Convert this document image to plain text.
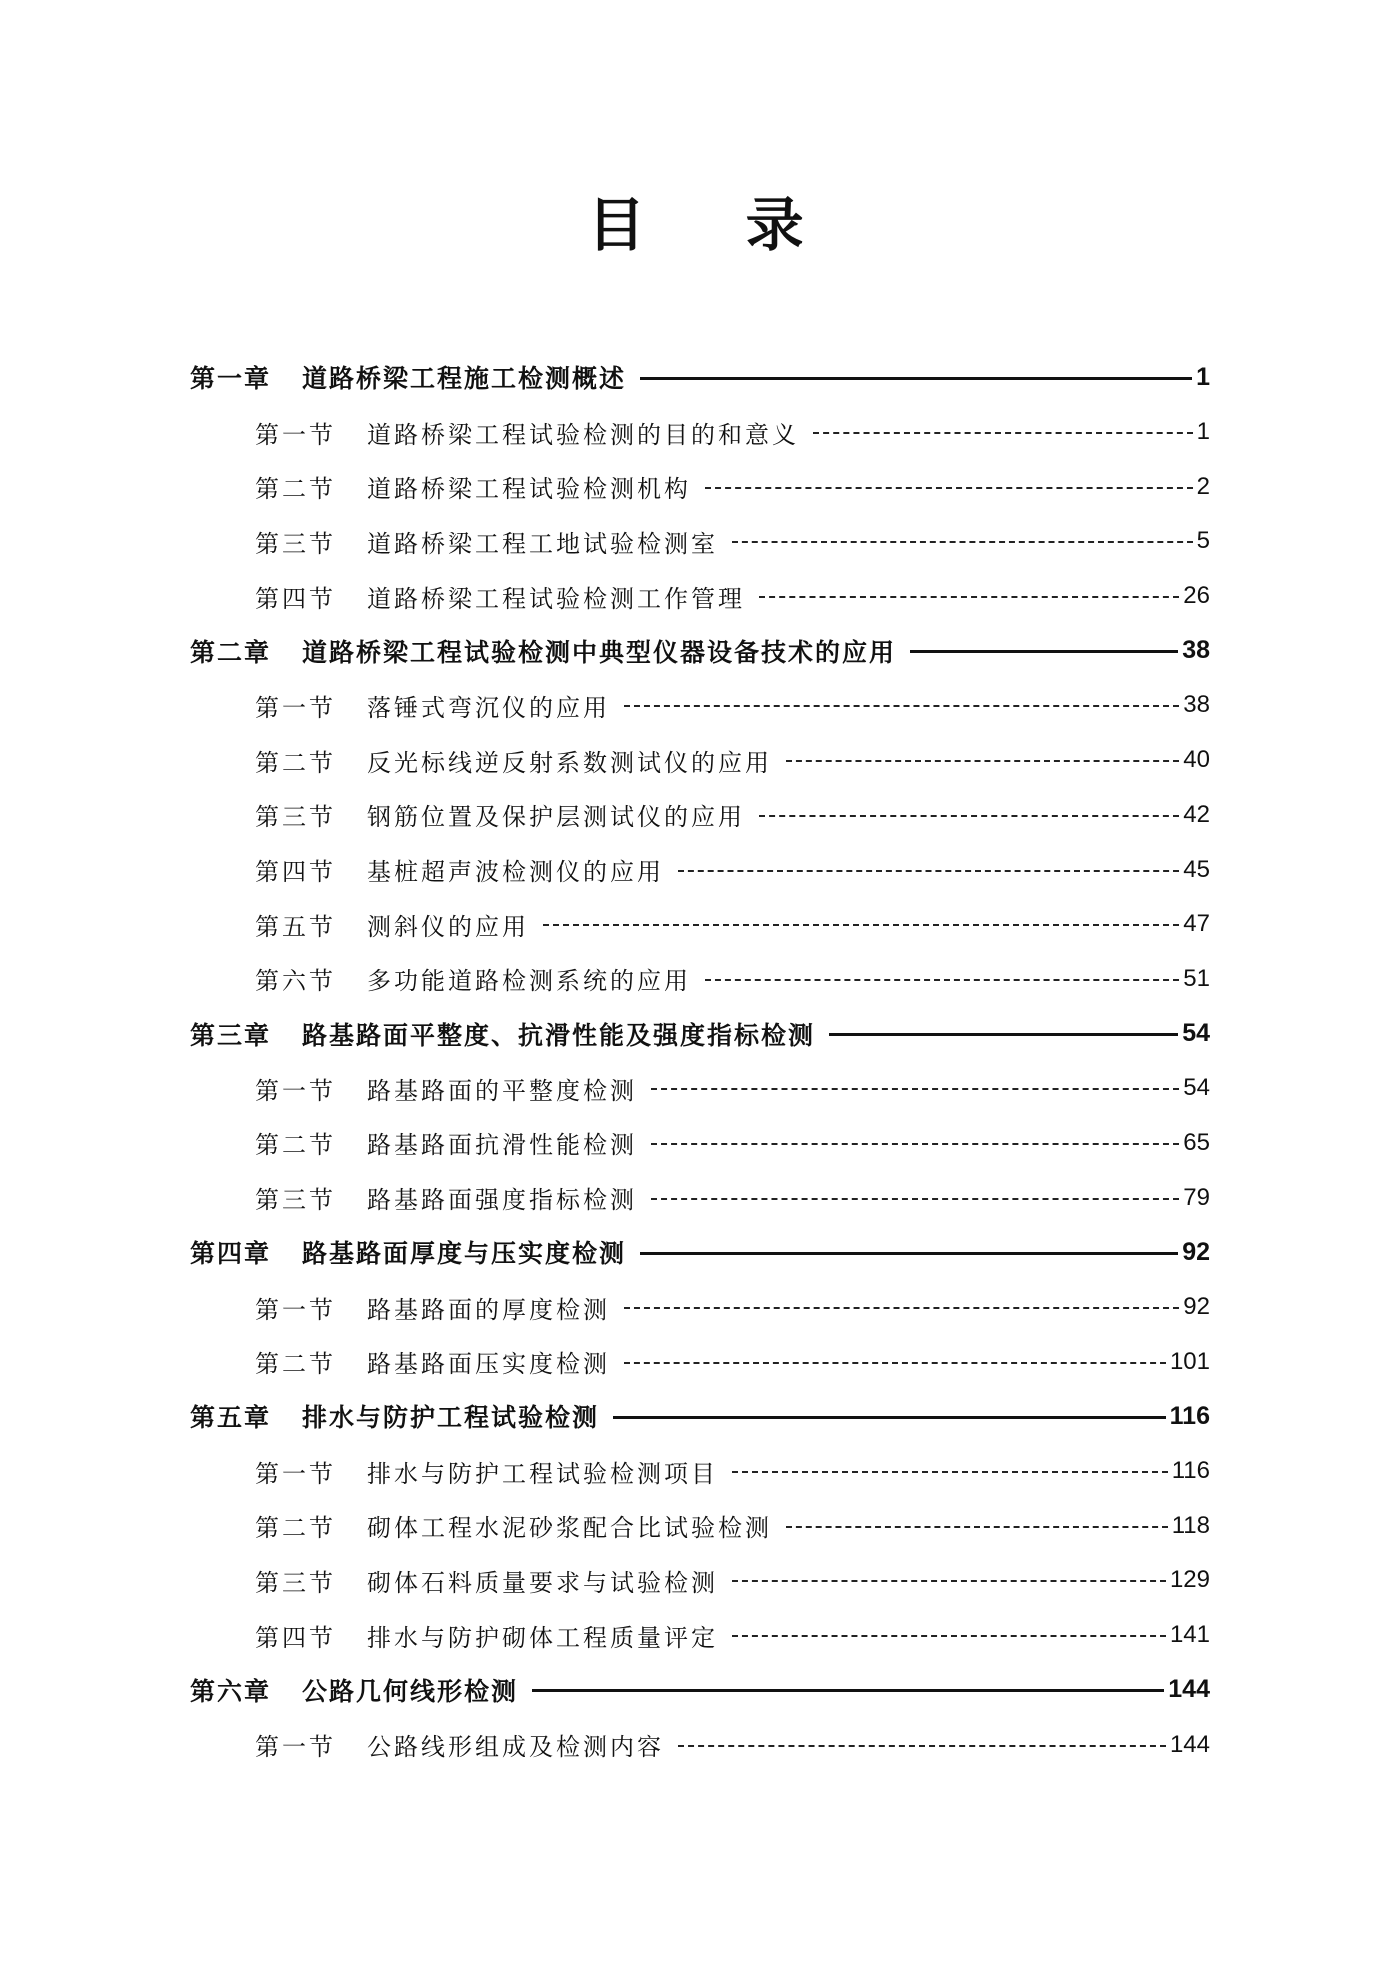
目 录
第一章	道路桥梁工程施工检测概述	1
第一节	道路桥梁工程试验检测的目的和意义	1
第二节	道路桥梁工程试验检测机构	2
第三节	道路桥梁工程工地试验检测室	5
第四节	道路桥梁工程试验检测工作管理	26
第二章	道路桥梁工程试验检测中典型仪器设备技术的应用	38
第一节	落锤式弯沉仪的应用	38
第二节	反光标线逆反射系数测试仪的应用	40
第三节	钢筋位置及保护层测试仪的应用	42
第四节	基桩超声波检测仪的应用	45
第五节	测斜仪的应用	47
第六节	多功能道路检测系统的应用	51
第三章	路基路面平整度、抗滑性能及强度指标检测	54
第一节	路基路面的平整度检测	54
第二节	路基路面抗滑性能检测	65
第三节	路基路面强度指标检测	79
第四章	路基路面厚度与压实度检测	92
第一节	路基路面的厚度检测	92
第二节	路基路面压实度检测	101
第五章	排水与防护工程试验检测	116
第一节	排水与防护工程试验检测项目	116
第二节	砌体工程水泥砂浆配合比试验检测	118
第三节	砌体石料质量要求与试验检测	129
第四节	排水与防护砌体工程质量评定	141
第六章	公路几何线形检测	144
第一节	公路线形组成及检测内容	144
